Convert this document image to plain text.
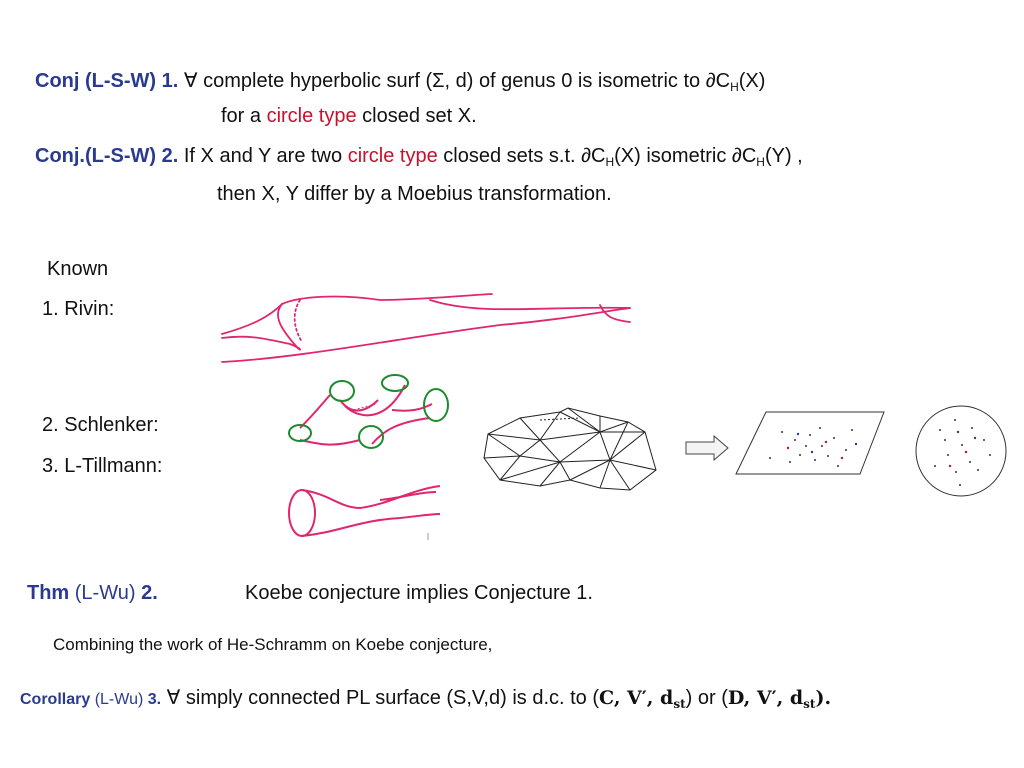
Conj (L-S-W) 1. ∀ complete hyperbolic surf (Σ, d) of genus 0 is isometric to $\partial C_H(X)$
for a circle type closed set X.
Conj.(L-S-W) 2. If X and Y are two circle type closed sets s.t. $\partial C_H(X)$ isometric $\partial C_H(Y)$ ,
then X, Y differ by a Moebius transformation.
Known
1. Rivin:
2. Schlenker:
3. L-Tillmann:
Thm (L-Wu) 2.	Koebe conjecture implies Conjecture 1.
Combining the work of He-Schramm on Koebe conjecture,
Corollary (L-Wu) 3. ∀ simply connected PL surface (S,V,d) is d.c. to (C, V′, $d_{st}$) or (D, V′, $d_{st}$).
